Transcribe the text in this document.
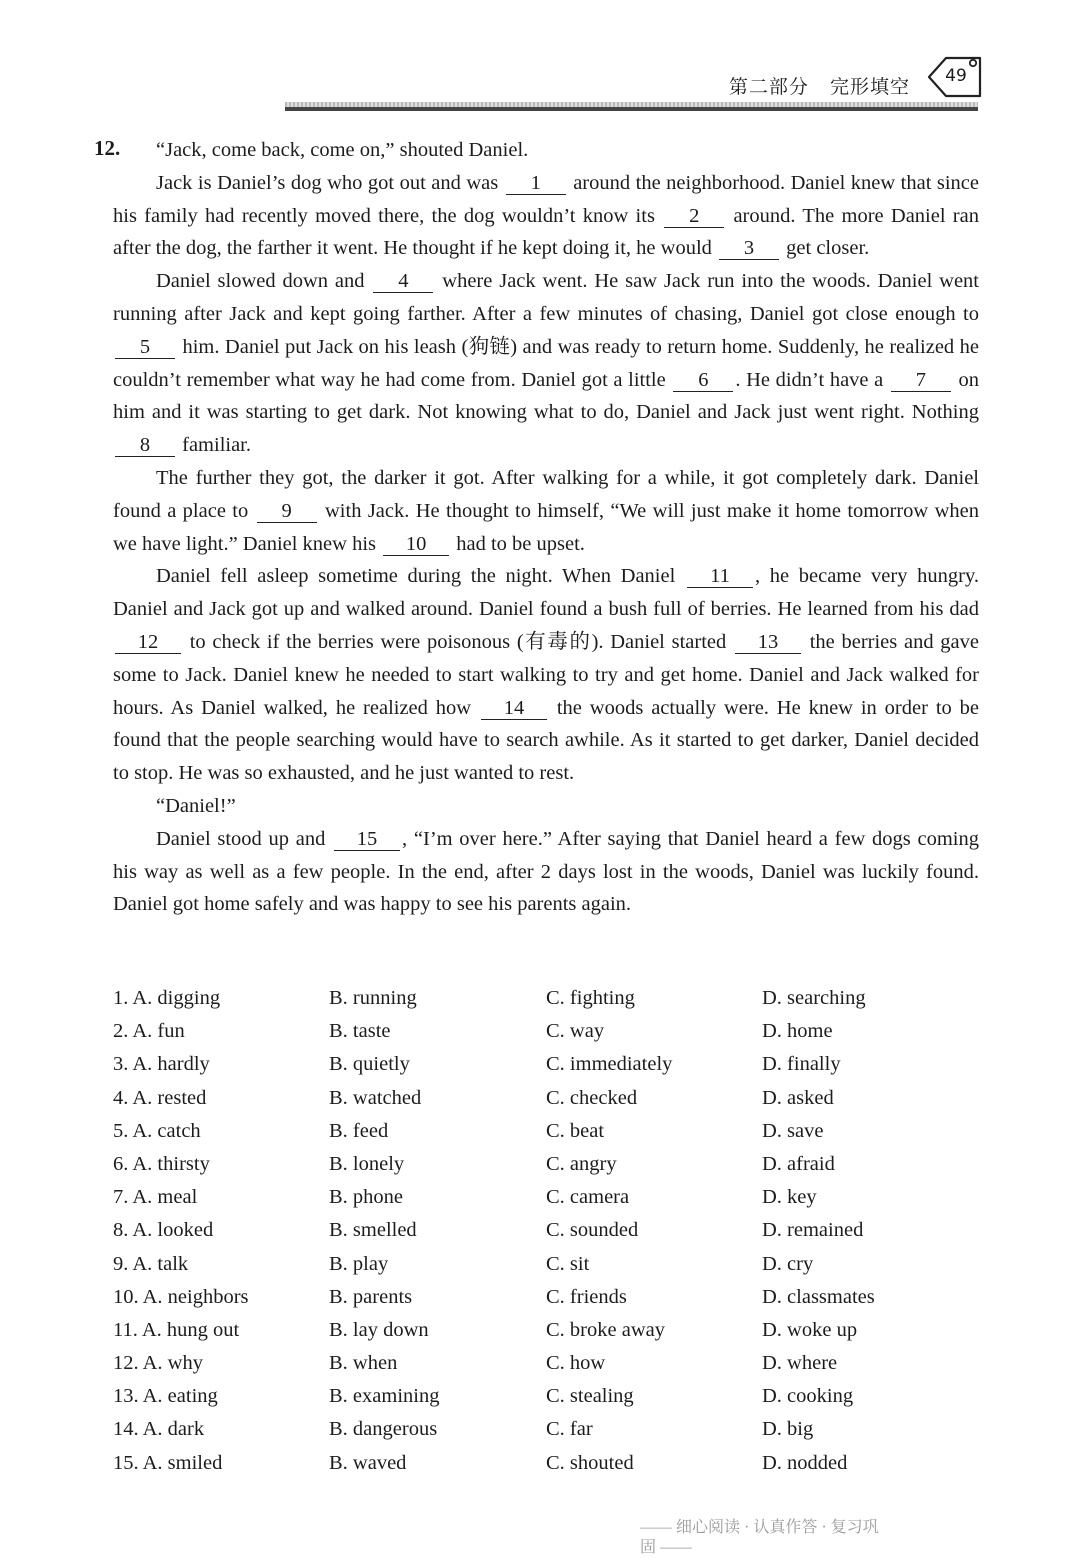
第二部分 完形填空	49
12.	“Jack, come back, come on,” shouted Daniel.

Jack is Daniel’s dog who got out and was 1 around the neighborhood. Daniel knew that since his family had recently moved there, the dog wouldn’t know its 2 around. The more Daniel ran after the dog, the farther it went. He thought if he kept doing it, he would 3 get closer.

Daniel slowed down and 4 where Jack went. He saw Jack run into the woods. Daniel went running after Jack and kept going farther. After a few minutes of chasing, Daniel got close enough to 5 him. Daniel put Jack on his leash (狗链) and was ready to return home. Suddenly, he realized he couldn’t remember what way he had come from. Daniel got a little 6 . He didn’t have a 7 on him and it was starting to get dark. Not knowing what to do, Daniel and Jack just went right. Nothing 8 familiar.

The further they got, the darker it got. After walking for a while, it got completely dark. Daniel found a place to 9 with Jack. He thought to himself, “We will just make it home tomorrow when we have light.” Daniel knew his 10 had to be upset.

Daniel fell asleep sometime during the night. When Daniel 11 , he became very hungry. Daniel and Jack got up and walked around. Daniel found a bush full of berries. He learned from his dad 12 to check if the berries were poisonous (有毒的). Daniel started 13 the berries and gave some to Jack. Daniel knew he needed to start walking to try and get home. Daniel and Jack walked for hours. As Daniel walked, he realized how 14 the woods actually were. He knew in order to be found that the people searching would have to search awhile. As it started to get darker, Daniel decided to stop. He was so exhausted, and he just wanted to rest.

“Daniel!”

Daniel stood up and 15 , “I’m over here.” After saying that Daniel heard a few dogs coming his way as well as a few people. In the end, after 2 days lost in the woods, Daniel was luckily found. Daniel got home safely and was happy to see his parents again.

1. A. digging	B. running	C. fighting	D. searching
2. A. fun	B. taste	C. way	D. home
3. A. hardly	B. quietly	C. immediately	D. finally
4. A. rested	B. watched	C. checked	D. asked
5. A. catch	B. feed	C. beat	D. save
6. A. thirsty	B. lonely	C. angry	D. afraid
7. A. meal	B. phone	C. camera	D. key
8. A. looked	B. smelled	C. sounded	D. remained
9. A. talk	B. play	C. sit	D. cry
10. A. neighbors	B. parents	C. friends	D. classmates
11. A. hung out	B. lay down	C. broke away	D. woke up
12. A. why	B. when	C. how	D. where
13. A. eating	B. examining	C. stealing	D. cooking
14. A. dark	B. dangerous	C. far	D. big
15. A. smiled	B. waved	C. shouted	D. nodded
—— 细心阅读 · 认真作答 · 复习巩固 ——
